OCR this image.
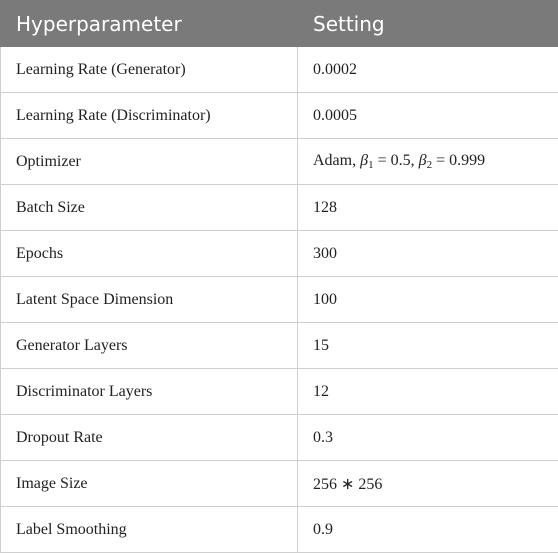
Hyperparameter	Setting
Learning Rate (Generator)	0.0002
Learning Rate (Discriminator)	0.0005
Optimizer	Adam, $\beta_1 = 0.5$, $\beta_2 = 0.999$
Batch Size	128
Epochs	300
Latent Space Dimension	100
Generator Layers	15
Discriminator Layers	12
Dropout Rate	0.3
Image Size	256 ∗ 256
Label Smoothing	0.9
